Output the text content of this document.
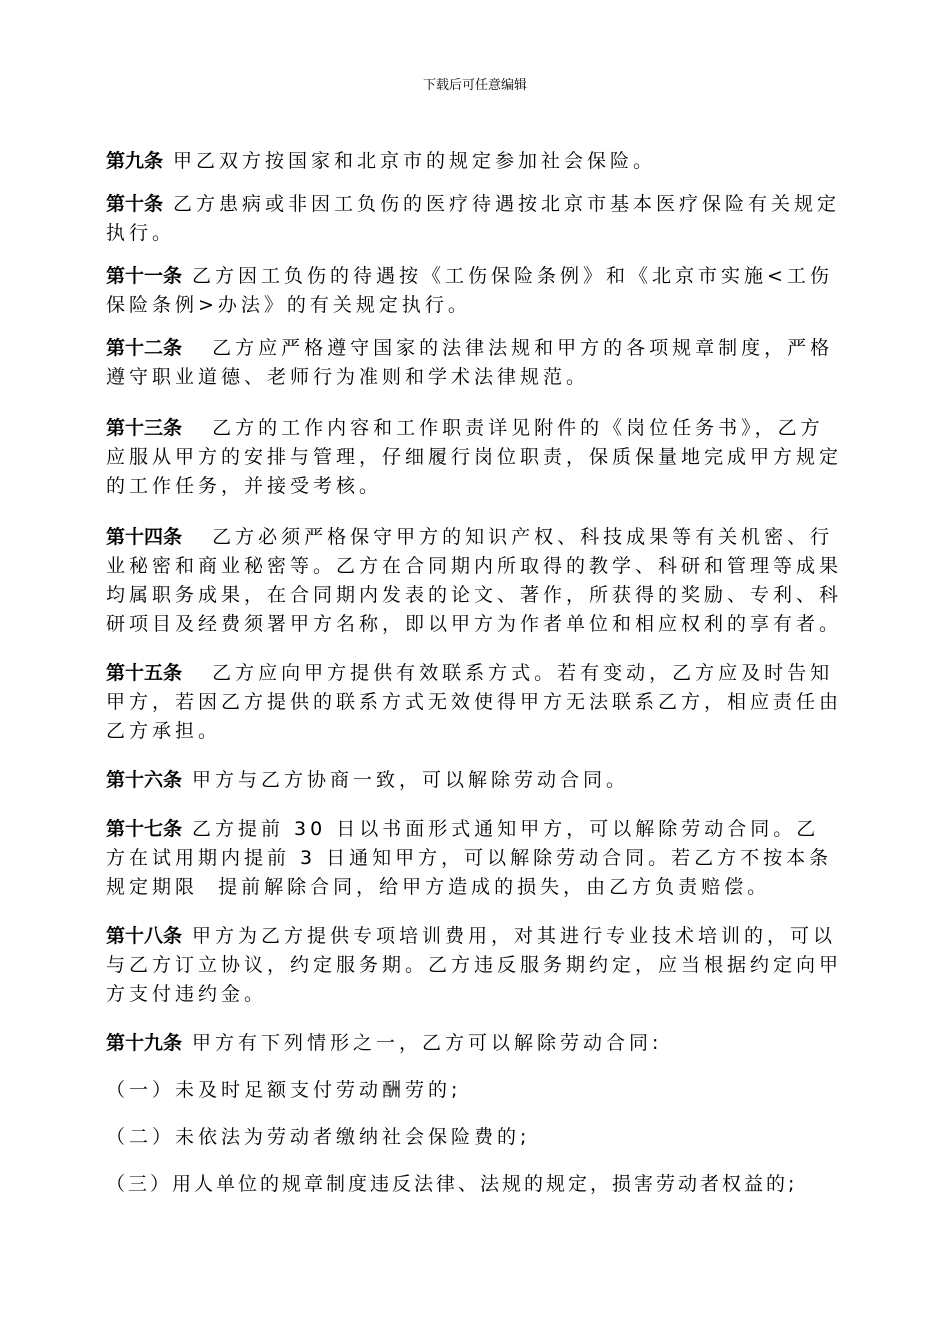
下载后可任意编辑

第九条 甲乙双方按国家和北京市的规定参加社会保险。

第十条 乙方患病或非因工负伤的医疗待遇按北京市基本医疗保险有关规定执行。

第十一条 乙方因工负伤的待遇按《工伤保险条例》和《北京市实施<工伤保险条例>办法》的有关规定执行。

第十二条  乙方应严格遵守国家的法律法规和甲方的各项规章制度，严格遵守职业道德、老师行为准则和学术法律规范。

第十三条  乙方的工作内容和工作职责详见附件的《岗位任务书》，乙方应服从甲方的安排与管理，仔细履行岗位职责，保质保量地完成甲方规定的工作任务，并接受考核。

第十四条  乙方必须严格保守甲方的知识产权、科技成果等有关机密、行业秘密和商业秘密等。乙方在合同期内所取得的教学、科研和管理等成果均属职务成果，在合同期内发表的论文、著作，所获得的奖励、专利、科研项目及经费须署甲方名称，即以甲方为作者单位和相应权利的享有者。

第十五条  乙方应向甲方提供有效联系方式。若有变动，乙方应及时告知甲方，若因乙方提供的联系方式无效使得甲方无法联系乙方，相应责任由乙方承担。

第十六条 甲方与乙方协商一致，可以解除劳动合同。

第十七条 乙方提前 30 日以书面形式通知甲方，可以解除劳动合同。乙方在试用期内提前 3 日通知甲方，可以解除劳动合同。若乙方不按本条规定期限  提前解除合同，给甲方造成的损失，由乙方负责赔偿。

第十八条 甲方为乙方提供专项培训费用，对其进行专业技术培训的，可以与乙方订立协议，约定服务期。乙方违反服务期约定，应当根据约定向甲方支付违约金。

第十九条 甲方有下列情形之一，乙方可以解除劳动合同:

（一）未及时足额支付劳动酬劳的;

（二）未依法为劳动者缴纳社会保险费的;

（三）用人单位的规章制度违反法律、法规的规定，损害劳动者权益的;
